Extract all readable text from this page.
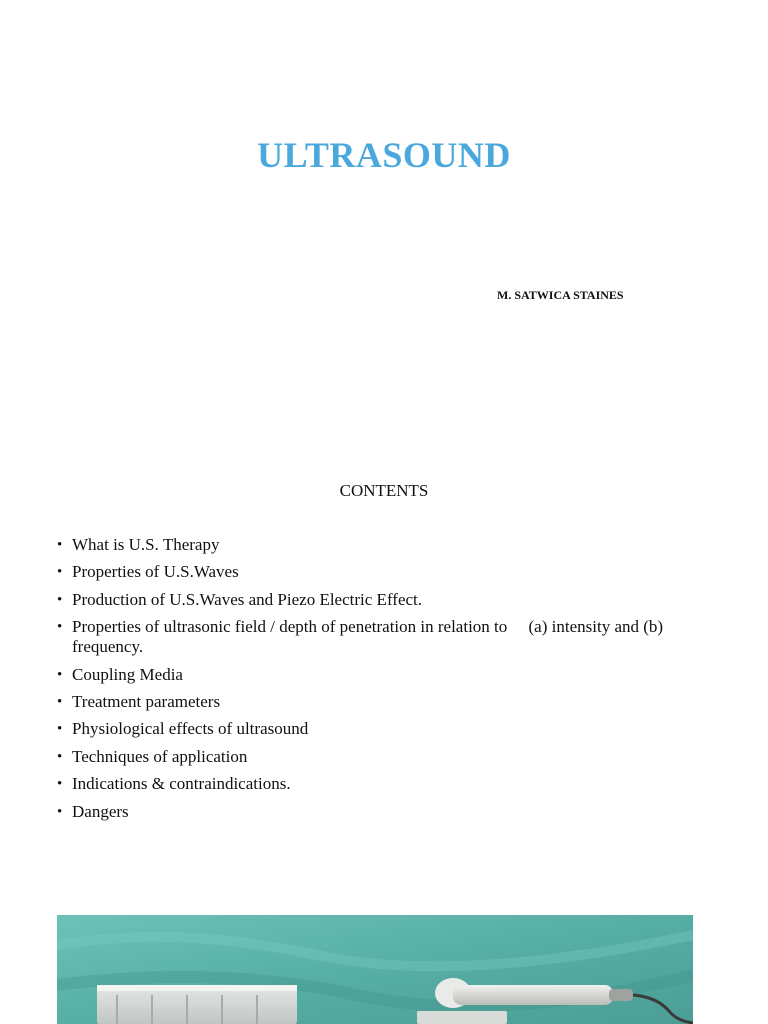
ULTRASOUND
M. SATWICA STAINES
CONTENTS
• What is U.S. Therapy
• Properties of U.S.Waves
• Production of U.S.Waves and Piezo Electric Effect.
• Properties of ultrasonic field / depth of penetration in relation to     (a) intensity and (b) frequency.
• Coupling Media
• Treatment parameters
• Physiological effects of ultrasound
• Techniques of application
• Indications & contraindications.
• Dangers
